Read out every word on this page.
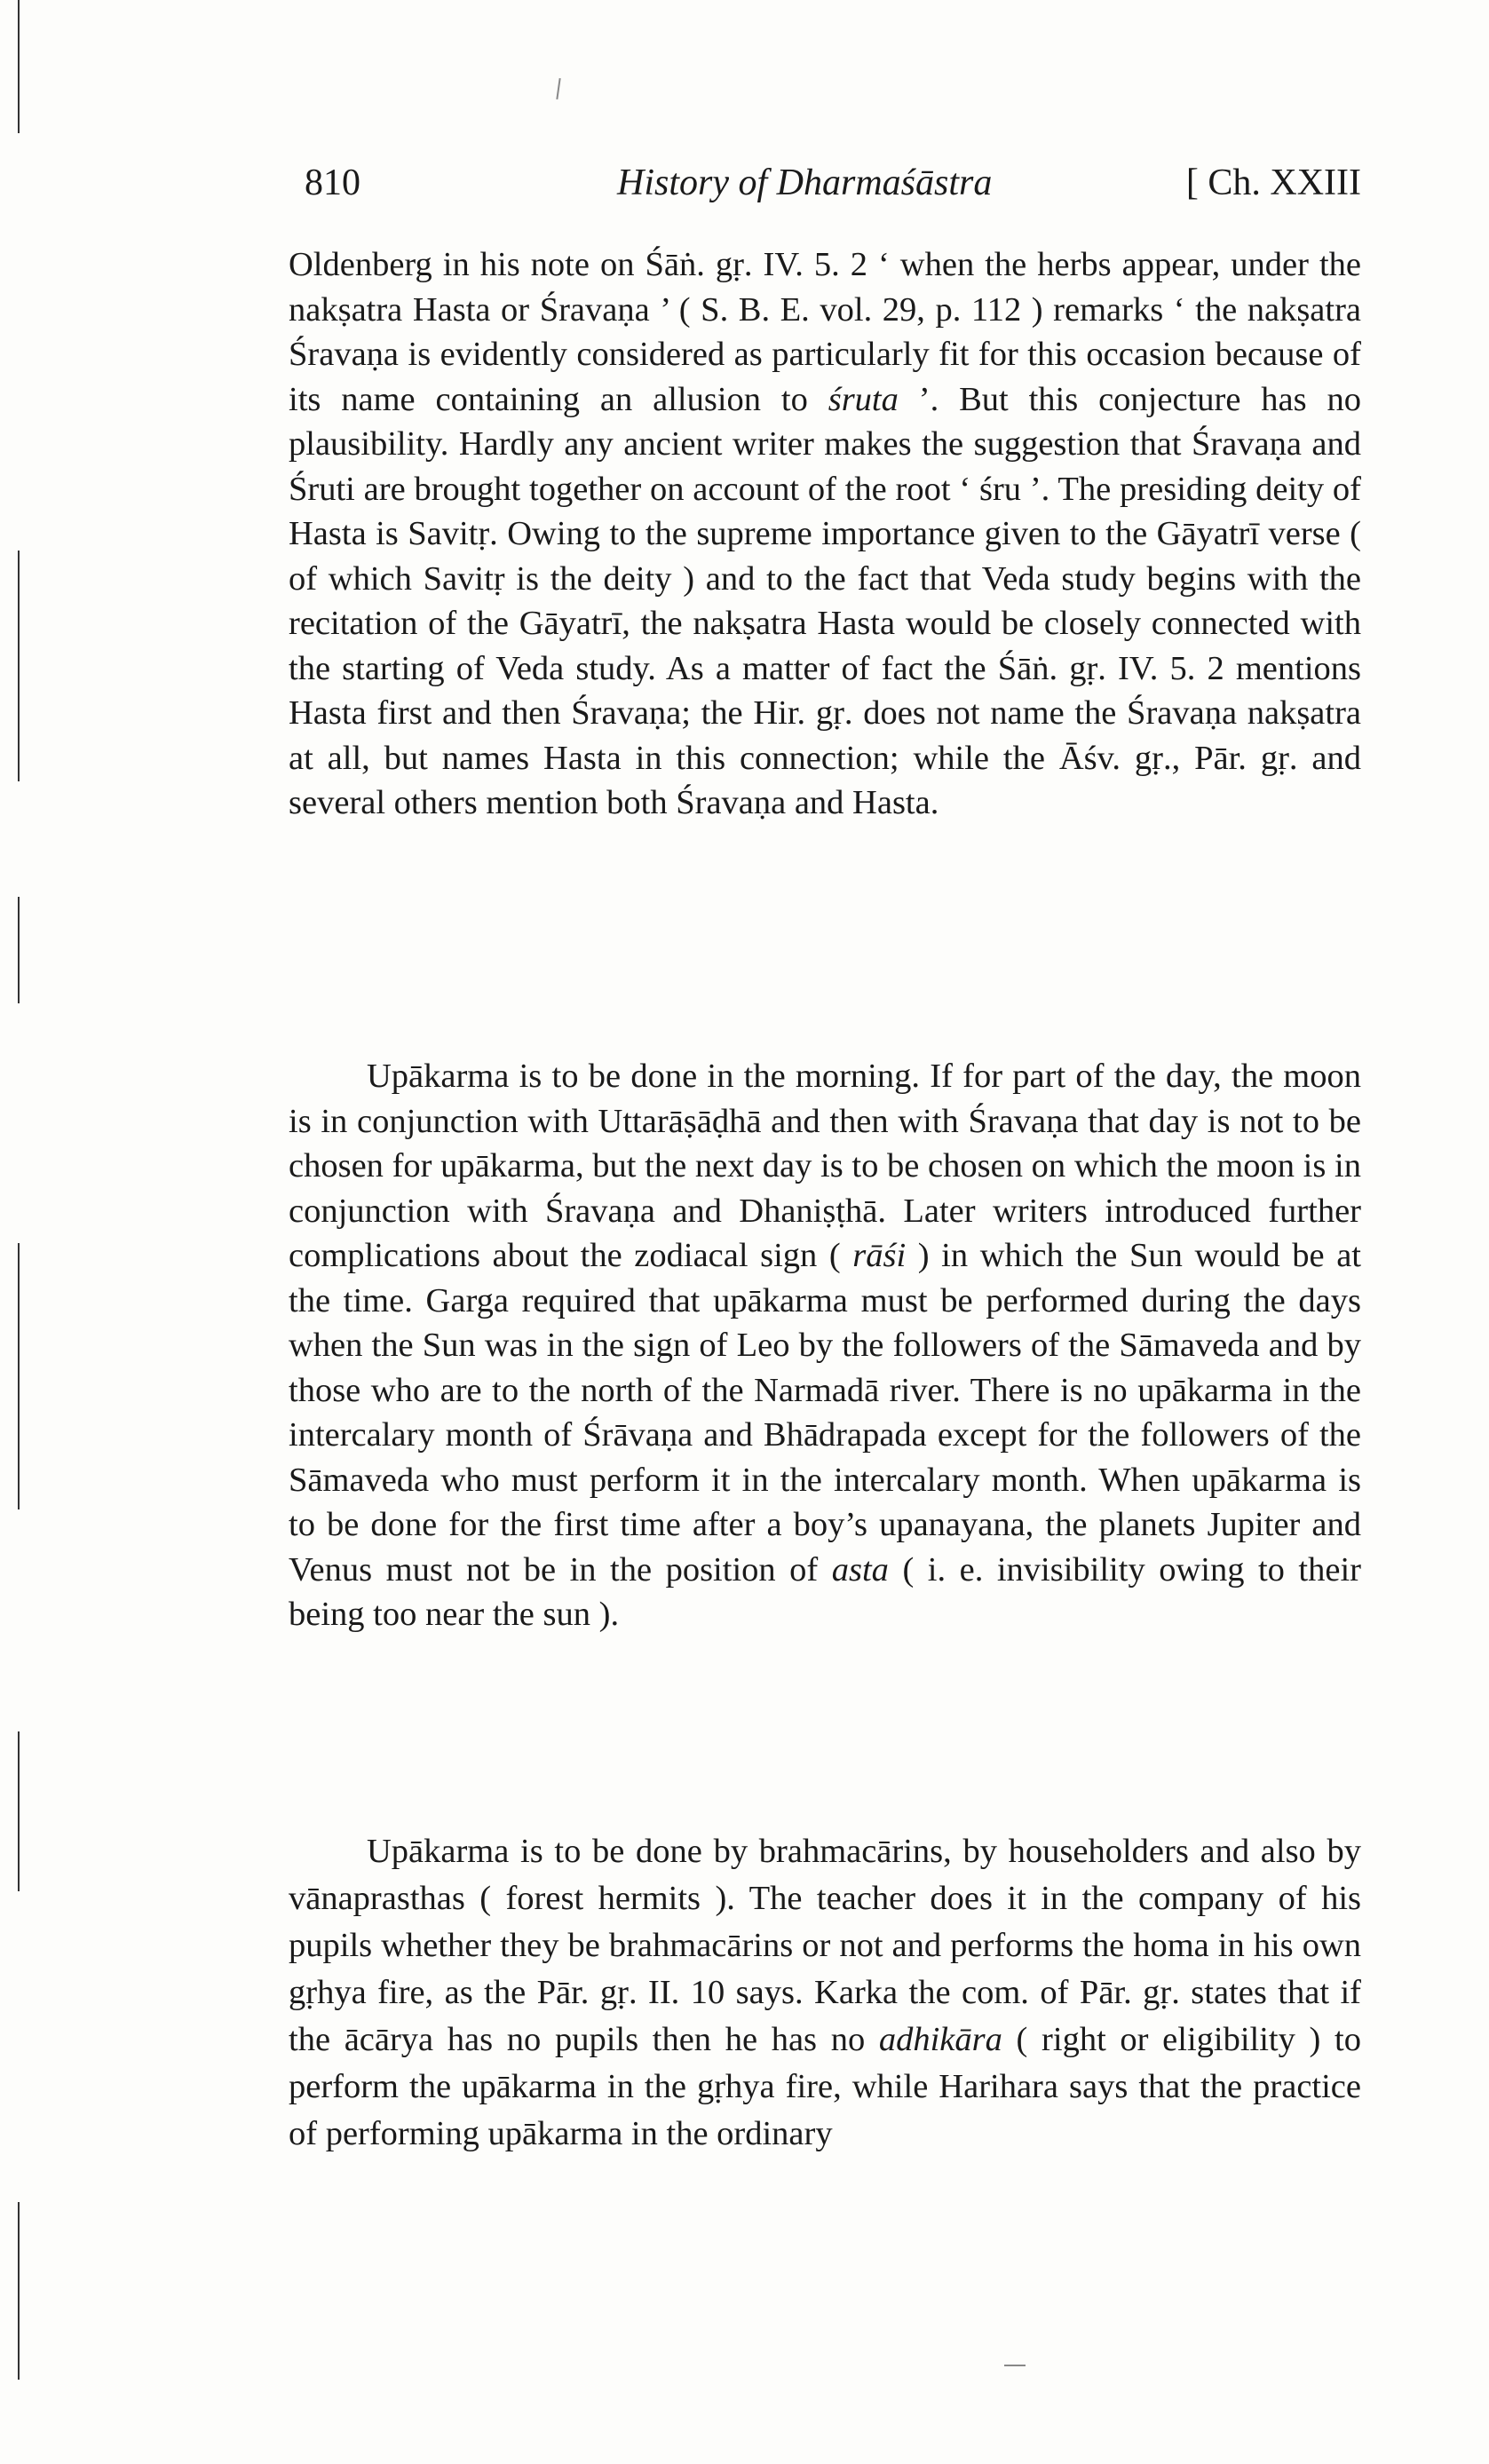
810	History of Dharmaśāstra	[ Ch. XXIII
Oldenberg in his note on Śāṅ. gṛ. IV. 5. 2 ‘ when the herbs appear, under the nakṣatra Hasta or Śravaṇa ’ ( S. B. E. vol. 29, p. 112 ) remarks ‘ the nakṣatra Śravaṇa is evidently considered as particularly fit for this occasion because of its name containing an allusion to śruta ’. But this conjecture has no plausibility. Hardly any ancient writer makes the suggestion that Śravaṇa and Śruti are brought together on account of the root ‘ śru ’. The presiding deity of Hasta is Savitṛ. Owing to the supreme importance given to the Gāyatrī verse ( of which Savitṛ is the deity ) and to the fact that Veda study begins with the recitation of the Gāyatrī, the nakṣatra Hasta would be closely connected with the starting of Veda study. As a matter of fact the Śāṅ. gṛ. IV. 5. 2 mentions Hasta first and then Śravaṇa; the Hir. gṛ. does not name the Śravaṇa nakṣatra at all, but names Hasta in this connection; while the Āśv. gṛ., Pār. gṛ. and several others mention both Śravaṇa and Hasta.
Upākarma is to be done in the morning. If for part of the day, the moon is in conjunction with Uttarāṣāḍhā and then with Śravaṇa that day is not to be chosen for upākarma, but the next day is to be chosen on which the moon is in conjunction with Śravaṇa and Dhaniṣṭhā. Later writers introduced further complications about the zodiacal sign ( rāśi ) in which the Sun would be at the time. Garga required that upākarma must be performed during the days when the Sun was in the sign of Leo by the followers of the Sāmaveda and by those who are to the north of the Narmadā river. There is no upākarma in the intercalary month of Śrāvaṇa and Bhādrapada except for the followers of the Sāmaveda who must perform it in the intercalary month. When upākarma is to be done for the first time after a boy’s upanayana, the planets Jupiter and Venus must not be in the position of asta ( i. e. invisibility owing to their being too near the sun ).
Upākarma is to be done by brahmacārins, by householders and also by vānaprasthas ( forest hermits ). The teacher does it in the company of his pupils whether they be brahmacārins or not and performs the homa in his own gṛhya fire, as the Pār. gṛ. II. 10 says. Karka the com. of Pār. gṛ. states that if the ācārya has no pupils then he has no adhikāra ( right or eligibility ) to perform the upākarma in the gṛhya fire, while Harihara says that the practice of performing upākarma in the ordinary
